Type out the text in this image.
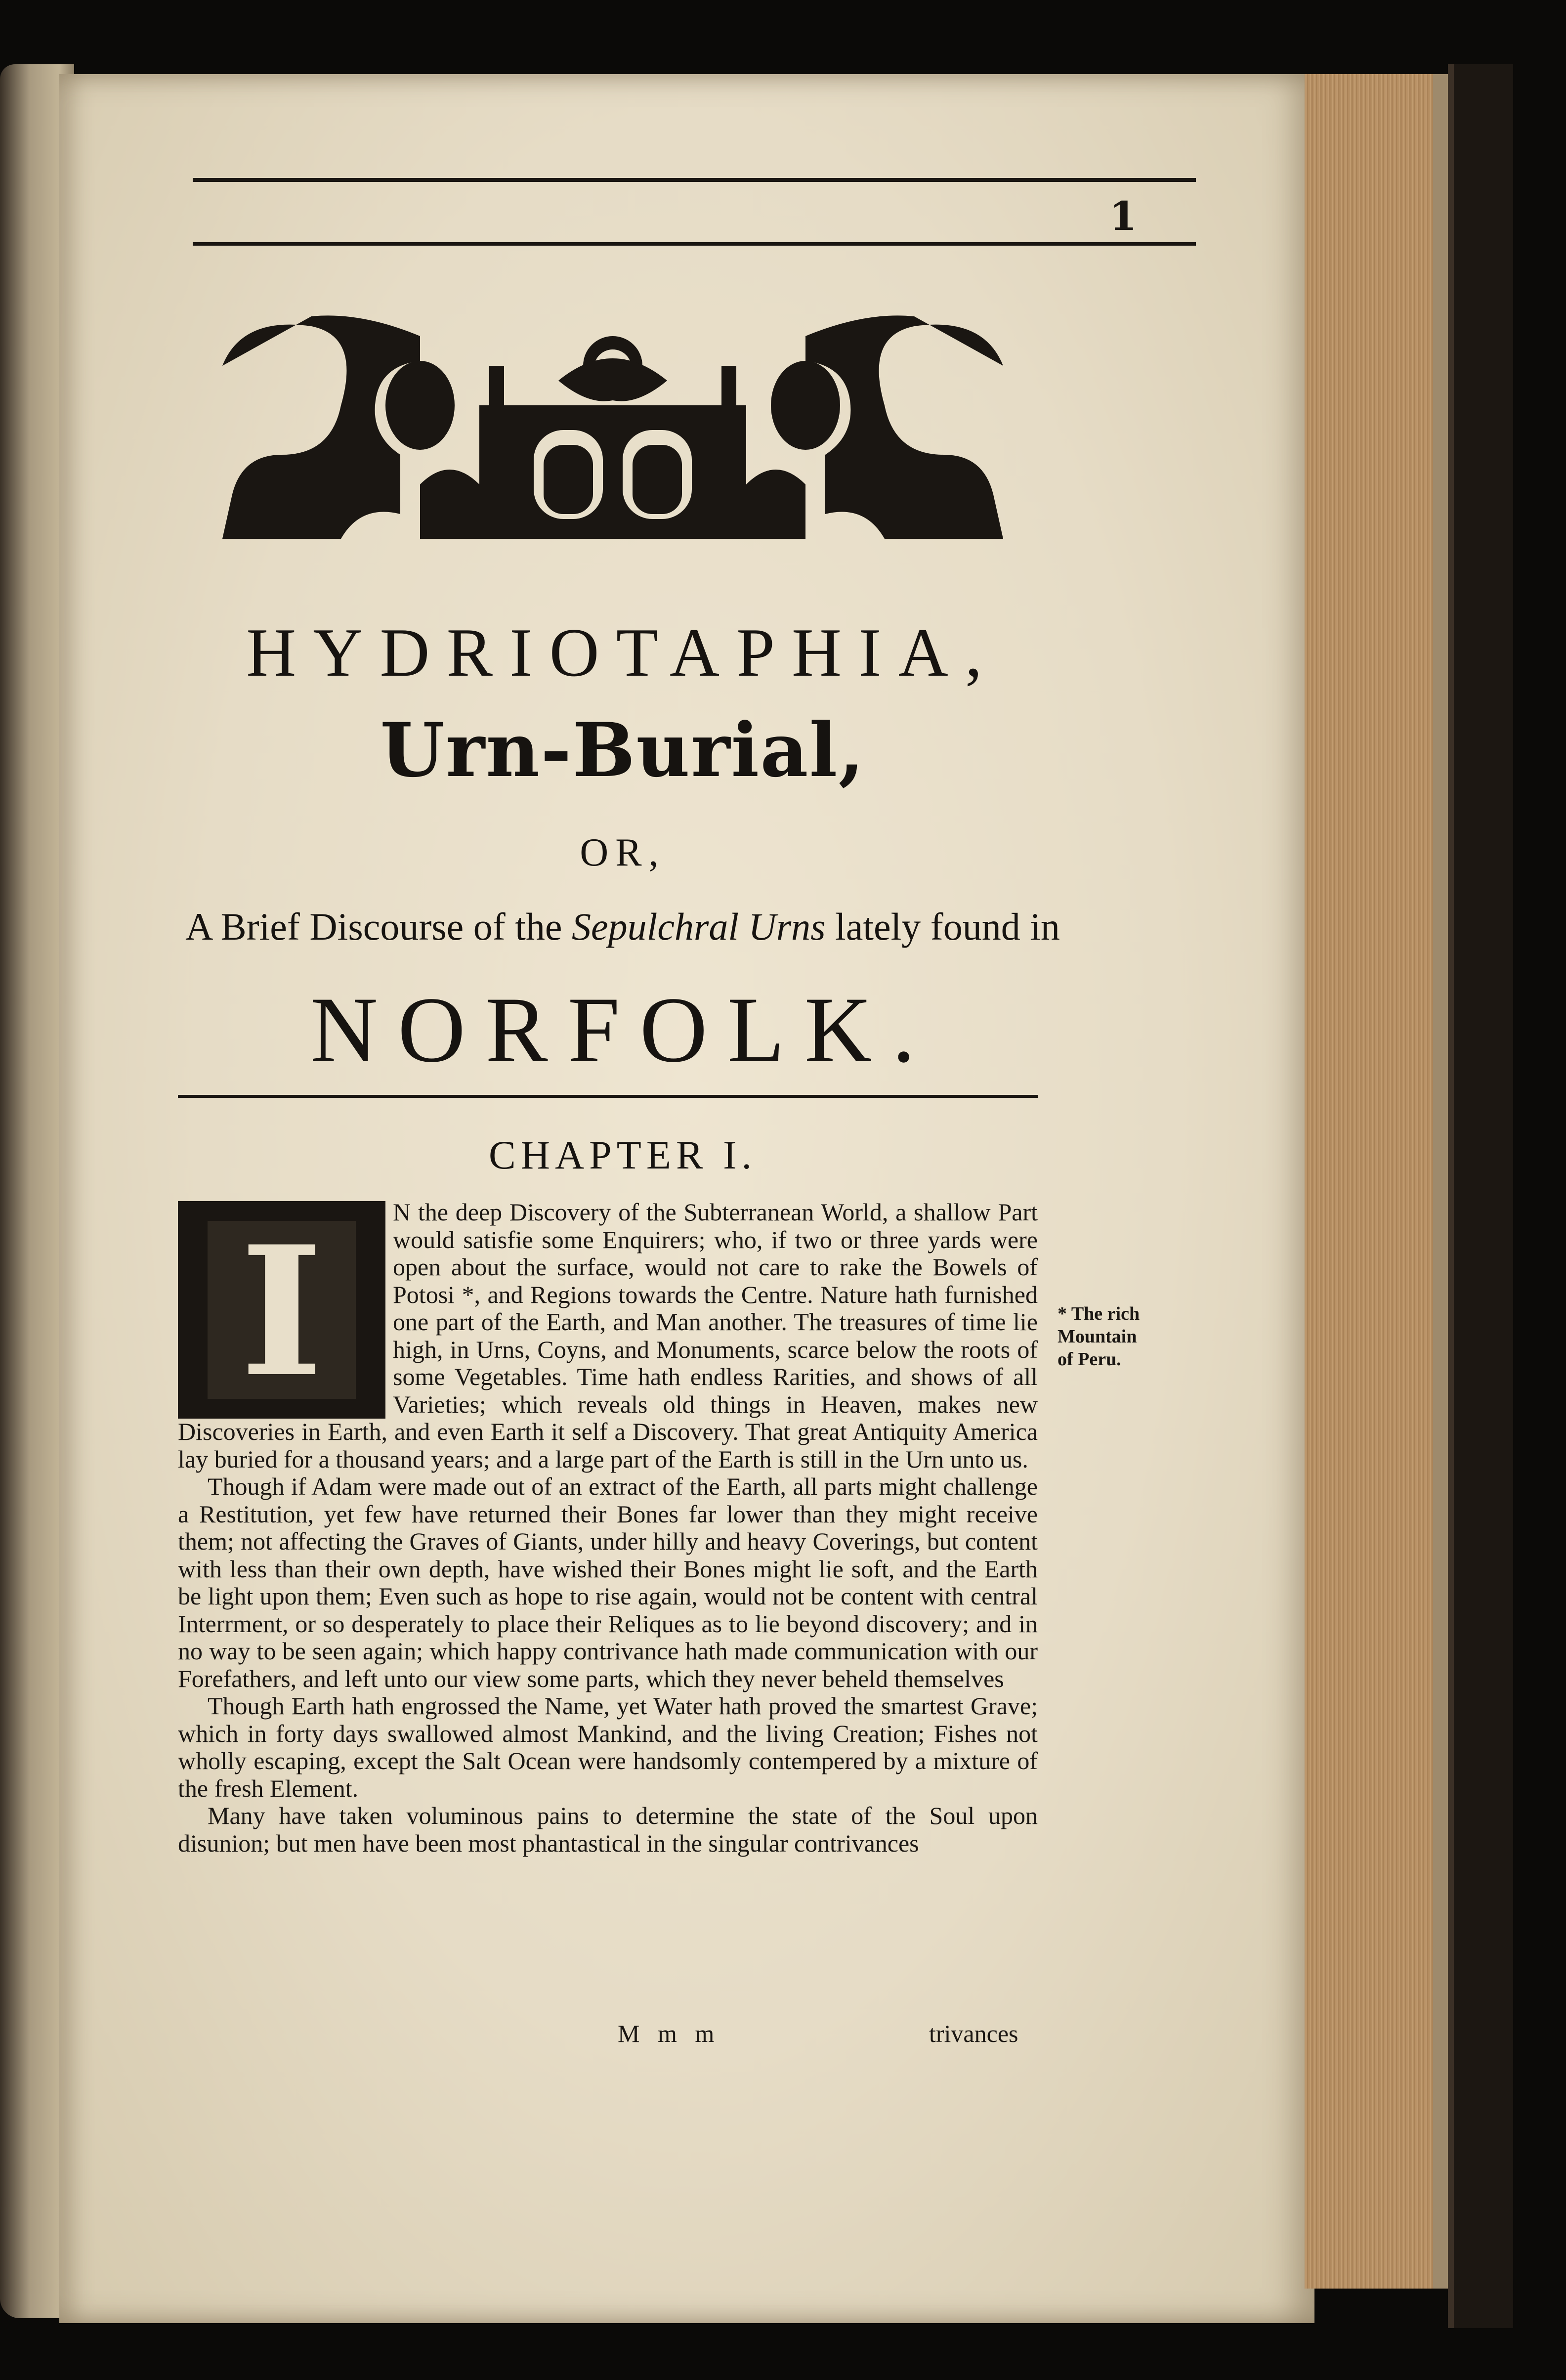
1
HYDRIOTAPHIA,
Urn-Burial,
OR,
A Brief Discourse of the Sepulchral Urns lately found in
NORFOLK.
CHAPTER I.
I	N the deep Discovery of the Subterranean World, a shallow Part would satisfie some Enquirers; who, if two or three yards were open about the surface, would not care to rake the Bowels of Potosi *, and Regions towards the Centre. Nature hath furnished one part of the Earth, and Man another. The treasures of time lie high, in Urns, Coyns, and Monuments, scarce below the roots of some Vegetables. Time hath endless Rarities, and shows of all Varieties; which reveals old things in Heaven, makes new Discoveries in Earth, and even Earth it self a Discovery. That great Antiquity America lay buried for a thousand years; and a large part of the Earth is still in the Urn unto us.

Though if Adam were made out of an extract of the Earth, all parts might challenge a Restitution, yet few have returned their Bones far lower than they might receive them; not affecting the Graves of Giants, under hilly and heavy Coverings, but content with less than their own depth, have wished their Bones might lie soft, and the Earth be light upon them; Even such as hope to rise again, would not be content with central Interrment, or so desperately to place their Reliques as to lie beyond discovery; and in no way to be seen again; which happy contrivance hath made communication with our Forefathers, and left unto our view some parts, which they never beheld themselves

Though Earth hath engrossed the Name, yet Water hath proved the smartest Grave; which in forty days swallowed almost Mankind, and the living Creation; Fishes not wholly escaping, except the Salt Ocean were handsomly contempered by a mixture of the fresh Element.

Many have taken voluminous pains to determine the state of the Soul upon disunion; but men have been most phantastical in the singular contrivances

* The rich
Mountain
of Peru.
M m m	trivances
